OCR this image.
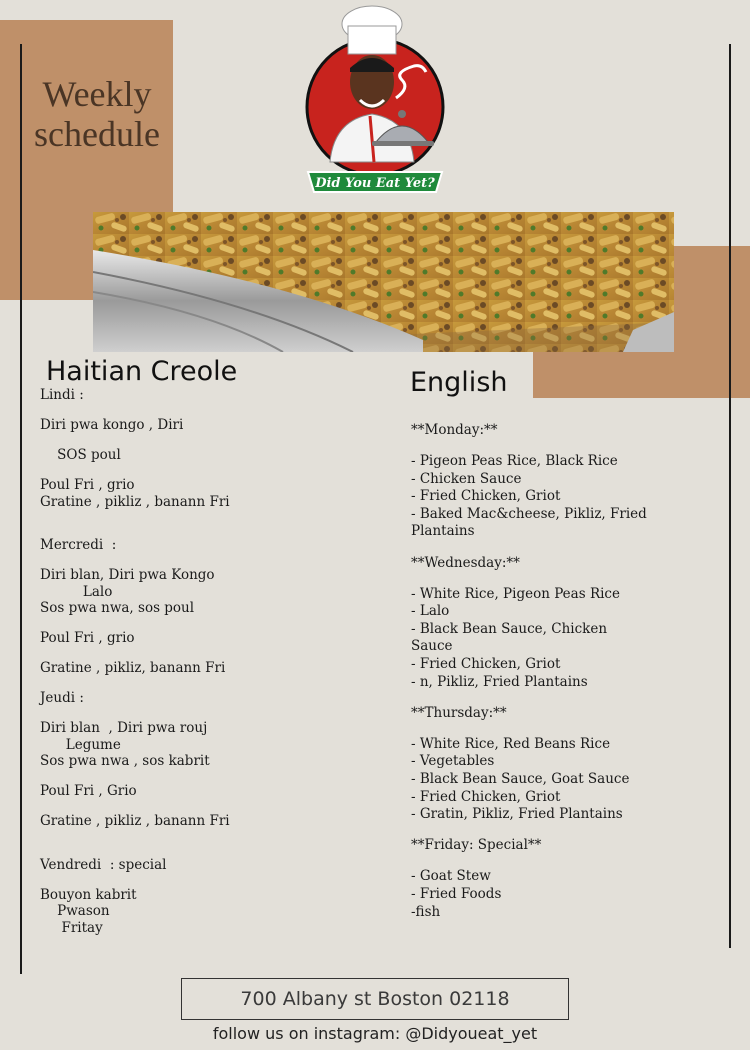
Weekly schedule
Did You Eat Yet?
Haitian Creole
Lindi :
Diri pwa kongo , Diri
SOS poul
Poul Fri , grio
Gratine , pikliz , banann Fri
Mercredi  :
Diri blan, Diri pwa Kongo
Lalo
Sos pwa nwa, sos poul
Poul Fri , grio
Gratine , pikliz, banann Fri
Jeudi :
Diri blan  , Diri pwa rouj
Legume
Sos pwa nwa , sos kabrit
Poul Fri , Grio
Gratine , pikliz , banann Fri
Vendredi  : special
Bouyon kabrit
Pwason
Fritay
English
**Monday:**
- Pigeon Peas Rice, Black Rice
- Chicken Sauce
- Fried Chicken, Griot
- Baked Mac&cheese, Pikliz, Fried
Plantains
**Wednesday:**
- White Rice, Pigeon Peas Rice
- Lalo
- Black Bean Sauce, Chicken
Sauce
- Fried Chicken, Griot
- n, Pikliz, Fried Plantains
**Thursday:**
- White Rice, Red Beans Rice
- Vegetables
- Black Bean Sauce, Goat Sauce
- Fried Chicken, Griot
- Gratin, Pikliz, Fried Plantains
**Friday: Special**
- Goat Stew
- Fried Foods
-fish
700 Albany st Boston 02118
follow us on instagram: @Didyoueat_yet
